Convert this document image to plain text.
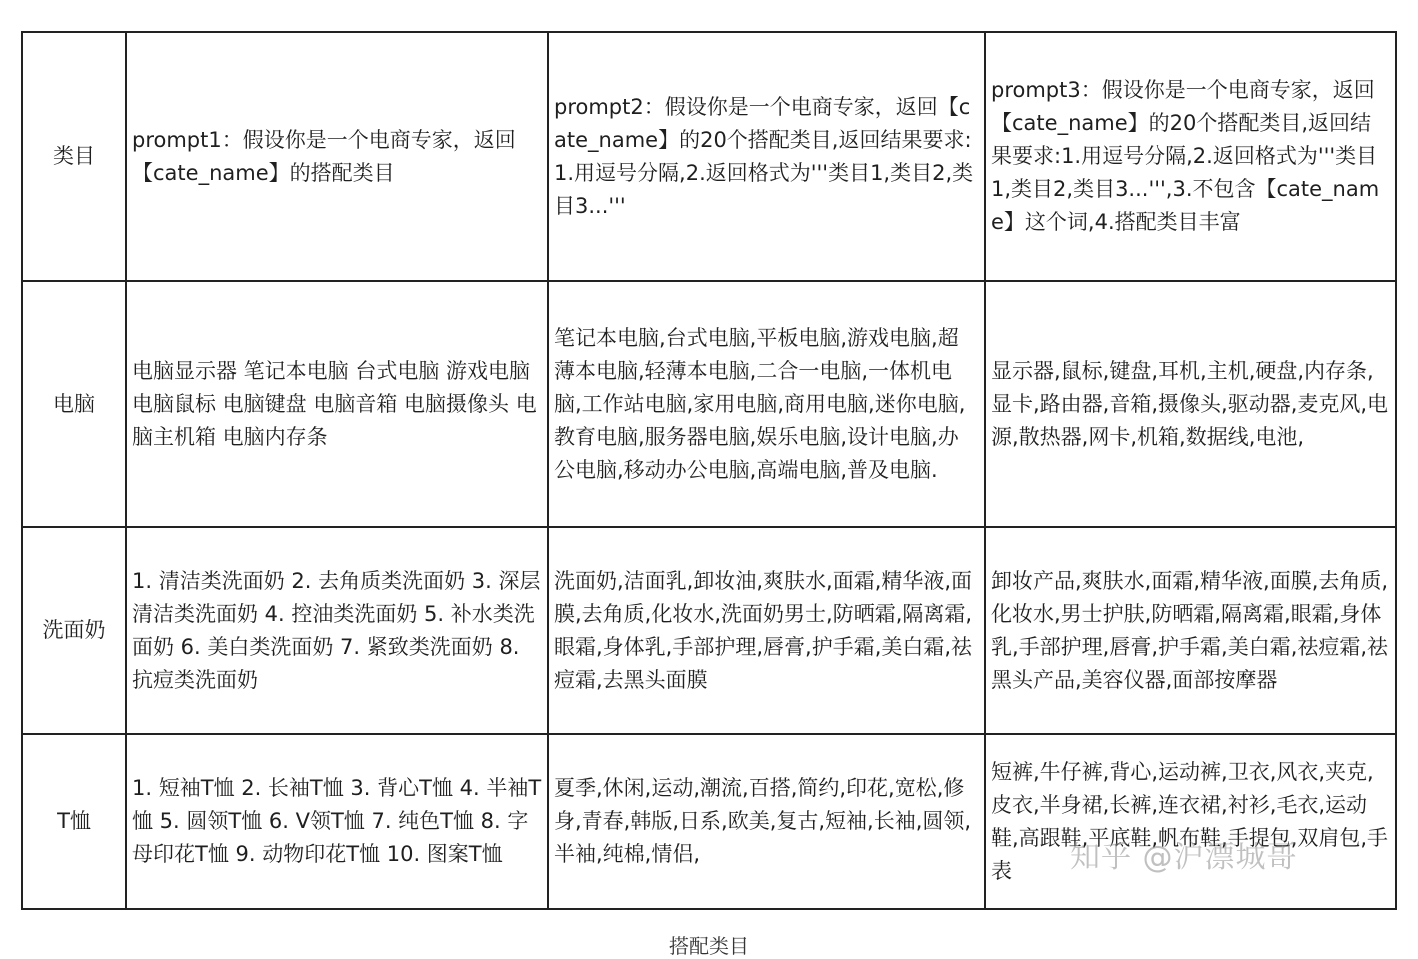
类目	prompt1：假设你是一个电商专家，返回【cate_name】的搭配类目	prompt2：假设你是一个电商专家，返回【cate_name】的20个搭配类目,返回结果要求:1.用逗号分隔,2.返回格式为'''类目1,类目2,类目3...'''	prompt3：假设你是一个电商专家，返回【cate_name】的20个搭配类目,返回结果要求:1.用逗号分隔,2.返回格式为'''类目1,类目2,类目3...''',3.不包含【cate_name】这个词,4.搭配类目丰富
电脑	电脑显示器 笔记本电脑 台式电脑 游戏电脑 电脑鼠标 电脑键盘 电脑音箱 电脑摄像头 电脑主机箱 电脑内存条	笔记本电脑,台式电脑,平板电脑,游戏电脑,超薄本电脑,轻薄本电脑,二合一电脑,一体机电脑,工作站电脑,家用电脑,商用电脑,迷你电脑,教育电脑,服务器电脑,娱乐电脑,设计电脑,办公电脑,移动办公电脑,高端电脑,普及电脑.	显示器,鼠标,键盘,耳机,主机,硬盘,内存条,显卡,路由器,音箱,摄像头,驱动器,麦克风,电源,散热器,网卡,机箱,数据线,电池,
洗面奶	1. 清洁类洗面奶 2. 去角质类洗面奶 3. 深层清洁类洗面奶 4. 控油类洗面奶 5. 补水类洗面奶 6. 美白类洗面奶 7. 紧致类洗面奶 8. 抗痘类洗面奶	洗面奶,洁面乳,卸妆油,爽肤水,面霜,精华液,面膜,去角质,化妆水,洗面奶男士,防晒霜,隔离霜,眼霜,身体乳,手部护理,唇膏,护手霜,美白霜,祛痘霜,去黑头面膜	卸妆产品,爽肤水,面霜,精华液,面膜,去角质,化妆水,男士护肤,防晒霜,隔离霜,眼霜,身体乳,手部护理,唇膏,护手霜,美白霜,祛痘霜,祛黑头产品,美容仪器,面部按摩器
T恤	1. 短袖T恤 2. 长袖T恤 3. 背心T恤 4. 半袖T恤 5. 圆领T恤 6. V领T恤 7. 纯色T恤 8. 字母印花T恤 9. 动物印花T恤 10. 图案T恤	夏季,休闲,运动,潮流,百搭,简约,印花,宽松,修身,青春,韩版,日系,欧美,复古,短袖,长袖,圆领,半袖,纯棉,情侣,	短裤,牛仔裤,背心,运动裤,卫衣,风衣,夹克,皮衣,半身裙,长裤,连衣裙,衬衫,毛衣,运动鞋,高跟鞋,平底鞋,帆布鞋,手提包,双肩包,手表 知乎 @沪漂城哥
搭配类目
